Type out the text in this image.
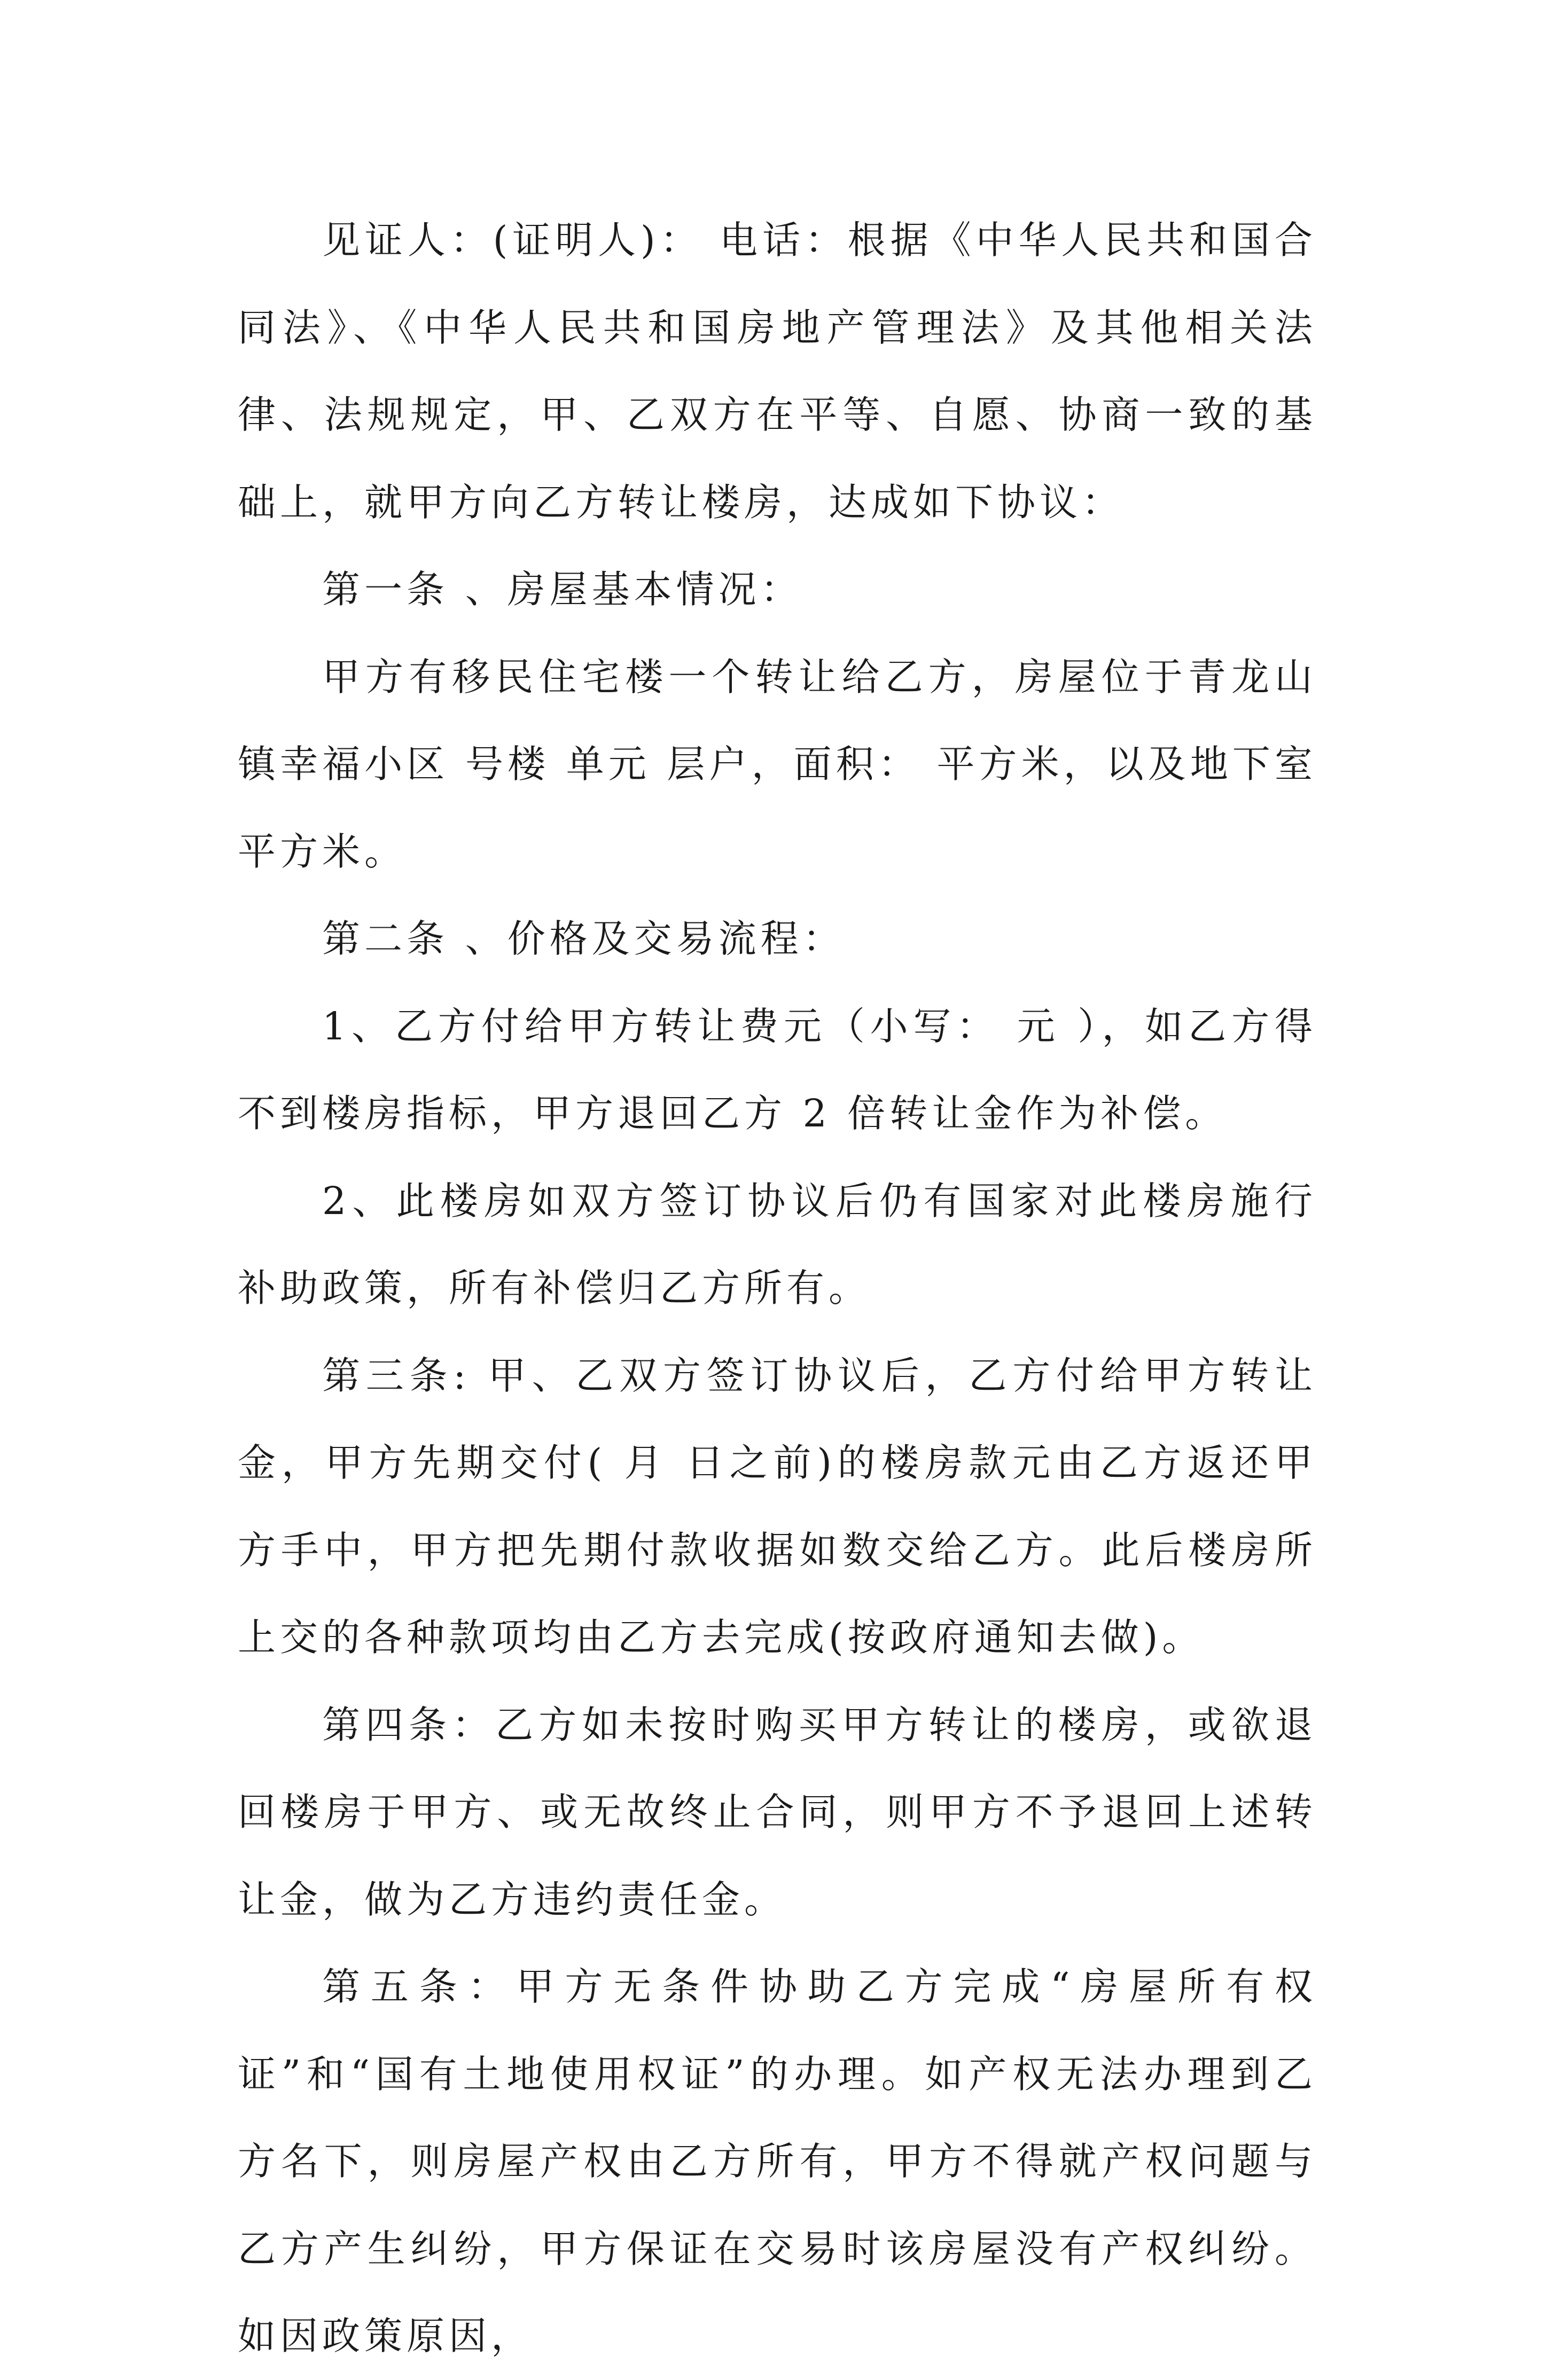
见证人：(证明人)： 电话：根据《中华人民共和国合同法》、《中华人民共和国房地产管理法》及其他相关法律、法规规定，甲、乙双方在平等、自愿、协商一致的基础上，就甲方向乙方转让楼房，达成如下协议：

第一条 、房屋基本情况：

甲方有移民住宅楼一个转让给乙方，房屋位于青龙山镇幸福小区 号楼 单元 层户，面积： 平方米，以及地下室平方米。

第二条 、价格及交易流程：

1、乙方付给甲方转让费元（小写： 元 ），如乙方得不到楼房指标，甲方退回乙方 2 倍转让金作为补偿。

2、此楼房如双方签订协议后仍有国家对此楼房施行补助政策，所有补偿归乙方所有。

第三条: 甲、乙双方签订协议后，乙方付给甲方转让金，甲方先期交付( 月 日之前)的楼房款元由乙方返还甲方手中，甲方把先期付款收据如数交给乙方。此后楼房所上交的各种款项均由乙方去完成(按政府通知去做)。

第四条：乙方如未按时购买甲方转让的楼房，或欲退回楼房于甲方、或无故终止合同，则甲方不予退回上述转让金，做为乙方违约责任金。

第五条：甲方无条件协助乙方完成“房屋所有权证”和“国有土地使用权证”的办理。如产权无法办理到乙方名下，则房屋产权由乙方所有，甲方不得就产权问题与乙方产生纠纷，甲方保证在交易时该房屋没有产权纠纷。如因政策原因，
